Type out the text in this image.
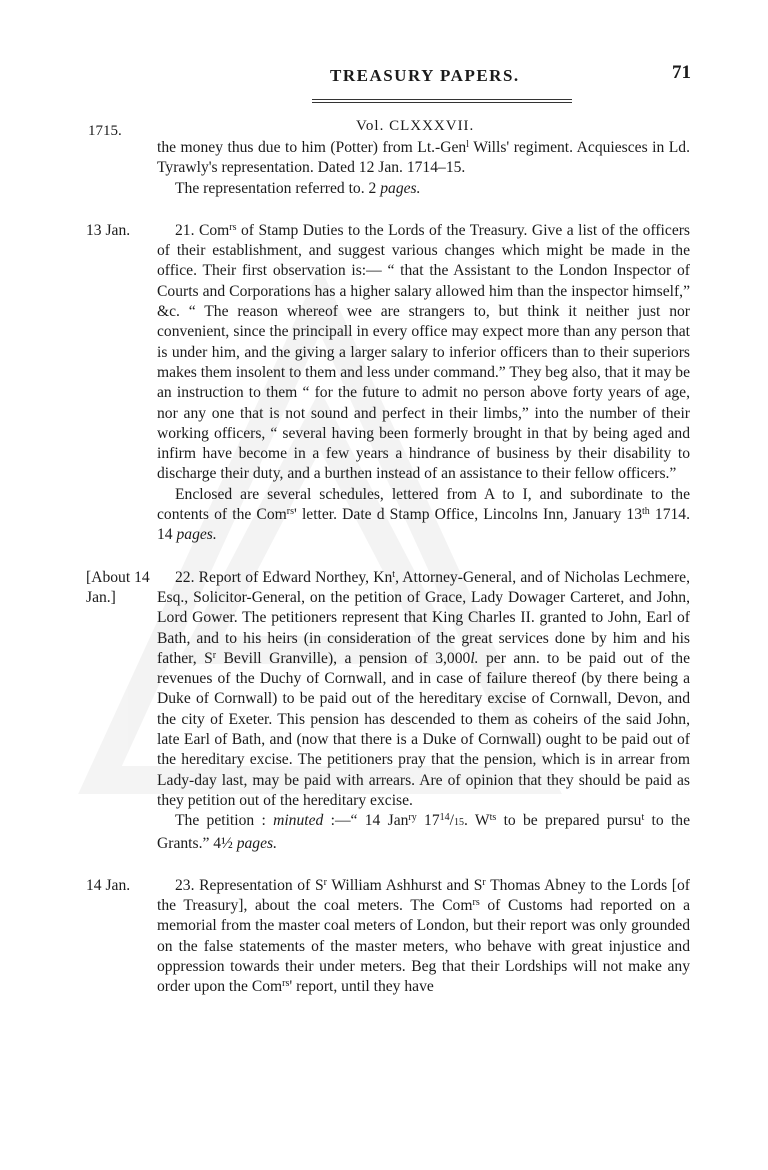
TREASURY PAPERS.	71
1715.	Vol. CLXXXVII.

the money thus due to him (Potter) from Lt.-Gen$^l$ Wills' regiment. Acquiesces in Ld. Tyrawly's representation. Dated 12 Jan. 1714–15.

The representation referred to. 2 pages.

13 Jan.	21. Com$^{rs}$ of Stamp Duties to the Lords of the Treasury. Give a list of the officers of their establishment, and suggest various changes which might be made in the office. Their first observation is:— “ that the Assistant to the London Inspector of Courts and Corporations has a higher salary allowed him than the inspector himself,” &c. “ The reason whereof wee are strangers to, but think it neither just nor convenient, since the principall in every office may expect more than any person that is under him, and the giving a larger salary to inferior officers than to their superiors makes them insolent to them and less under command.” They beg also, that it may be an instruction to them “ for the future to admit no person above forty years of age, nor any one that is not sound and perfect in their limbs,” into the number of their working officers, “ several having been formerly brought in that by being aged and infirm have become in a few years a hindrance of business by their disability to discharge their duty, and a burthen instead of an assistance to their fellow officers.”

Enclosed are several schedules, lettered from A to I, and subordinate to the contents of the Com$^{rs}$' letter. Date d Stamp Office, Lincolns Inn, January 13th 1714. 14 pages.

[About 14 Jan.]

22. Report of Edward Northey, Kn$^t$, Attorney-General, and of Nicholas Lechmere, Esq., Solicitor-General, on the petition of Grace, Lady Dowager Carteret, and John, Lord Gower. The petitioners represent that King Charles II. granted to John, Earl of Bath, and to his heirs (in consideration of the great services done by him and his father, $S^r$ Bevill Granville), a pension of 3,000l. per ann. to be paid out of the revenues of the Duchy of Cornwall, and in case of failure thereof (by there being a Duke of Cornwall) to be paid out of the hereditary excise of Cornwall, Devon, and the city of Exeter. This pension has descended to them as coheirs of the said John, late Earl of Bath, and (now that there is a Duke of Cornwall) ought to be paid out of the hereditary excise. The petitioners pray that the pension, which is in arrear from Lady-day last, may be paid with arrears. Are of opinion that they should be paid as they petition out of the hereditary excise.

The petition : minuted :—“ 14 Jan$^{ry}$ $17^{14}/15$. $W^{ts}$ to be prepared pursu$^t$ to the Grants.” 4½ pages.

14 Jan.	23. Representation of $S^r$ William Ashhurst and $S^r$ Thomas Abney to the Lords [of the Treasury], about the coal meters. The Com$^{rs}$ of Customs had reported on a memorial from the master coal meters of London, but their report was only grounded on the false statements of the master meters, who behave with great injustice and oppression towards their under meters. Beg that their Lordships will not make any order upon the Com$^{rs}$' report, until they have
